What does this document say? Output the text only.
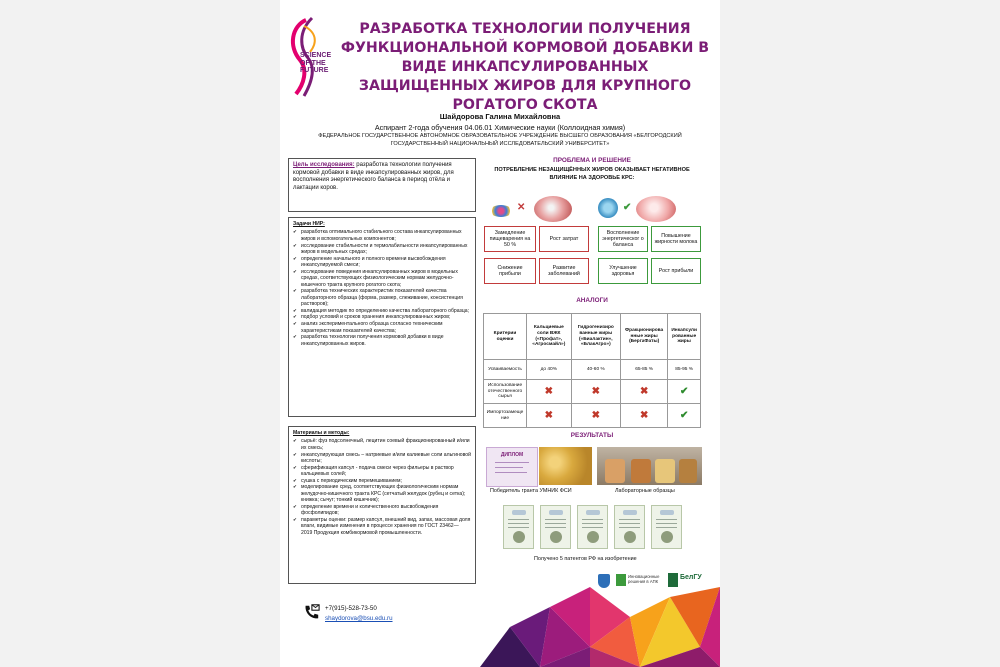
SCIENCE
OF THE
FUTURE
РАЗРАБОТКА ТЕХНОЛОГИИ ПОЛУЧЕНИЯ ФУНКЦИОНАЛЬНОЙ КОРМОВОЙ ДОБАВКИ В ВИДЕ ИНКАПСУЛИРОВАННЫХ ЗАЩИЩЕННЫХ ЖИРОВ ДЛЯ КРУПНОГО РОГАТОГО СКОТА
Шайдорова Галина Михайловна
Аспирант 2-года обучения 04.06.01 Химические науки (Коллоидная химия)
ФЕДЕРАЛЬНОЕ ГОСУДАРСТВЕННОЕ АВТОНОМНОЕ ОБРАЗОВАТЕЛЬНОЕ УЧРЕЖДЕНИЕ ВЫСШЕГО ОБРАЗОВАНИЯ «БЕЛГОРОДСКИЙ ГОСУДАРСТВЕННЫЙ НАЦИОНАЛЬНЫЙ ИССЛЕДОВАТЕЛЬСКИЙ УНИВЕРСИТЕТ»
Цель исследования: разработка технологии получения кормовой добавки в виде инкапсулированных жиров, для восполнения энергетического баланса в период отёла и лактации коров.
Задачи НИР:
✔ разработка оптимального стабильного состава инкапсулированных жиров и вспомогательных компонентов;
✔ исследование стабильности и термолабильности инкапсулированных жиров в модельных средах;
✔ определение начального и полного времени высвобождения инкапсулируемой смеси;
✔ исследование поведения инкапсулированных жиров в модельных средах, соответствующих физиологическим нормам желудочно-кишечного тракта крупного рогатого скота;
✔ разработка технических характеристик показателей качества лабораторного образца (форма, размер, слеживание, консистенция растворов);
✔ валидация методик по определению качества лабораторного образца;
✔ подбор условий и сроков хранения инкапсулированных жиров;
✔ анализ экспериментального образца согласно техническим характеристикам показателей качества;
✔ разработка технологии получения кормовой добавки в виде инкапсулированных жиров.
Материалы и методы:
✔ сырьё: фуз подсолнечный, лецитин соевый фракционированный и/или их смесь;
✔ инкапсулирующая смесь – натриевые и/или калиевые соли альгиновой кислоты;
✔ сферификация капсул - подача смеси через фильеры в раствор кальциевых солей;
✔ сушка с периодическим перемешиванием;
✔ моделирование сред, соответствующих физиологическим нормам желудочно-кишечного тракта КРС (сетчатый желудок (рубец и сетка); книжка; сычуг; тонкий кишечник);
✔ определение времени и количественного высвобождения фосфолипидов;
✔ параметры оценки: размер капсул, внешний вид, запах, массовая доля влаги, видимые изменения в процессе хранения по ГОСТ 23462— 2019 Продукция комбикормовой промышленности.
ПРОБЛЕМА И РЕШЕНИЕ
ПОТРЕБЛЕНИЕ НЕЗАЩИЩЁННЫХ ЖИРОВ ОКАЗЫВАЕТ НЕГАТИВНОЕ ВЛИЯНИЕ НА ЗДОРОВЬЕ КРС:
✕	✔
Замедление пищеварения на 50 %
Рост затрат
Снижение прибыли
Развитие заболеваний
Восполнение энергетическог о баланса
Повышение жирности молока
Улучшение здоровья
Рост прибыли
АНАЛОГИ
Критерии оценки	Кальциевые соли ВЖК («Профат», «Агросмайл»)	Гидрогенизиро ванные жиры («Биалактин», «БлакАгро»)	Фракционирова нные жиры (БергаФаты)	Инкапсули рованные жиры
Усваиваемость	до 40%	40-60 %	65-85 %	85-95 %
Использование отечественного сырья	✖	✖	✖	✔
Импортозамеще ние	✖	✖	✖	✔
РЕЗУЛЬТАТЫ
ДИПЛОМ
Победитель гранта УМНИК ФСИ	Лабораторные образцы
Получено 5 патентов РФ на изобретение
Инновационные решения в АПК
БелГУ
+7(915)-528-73-50
shaydorova@bsu.edu.ru
